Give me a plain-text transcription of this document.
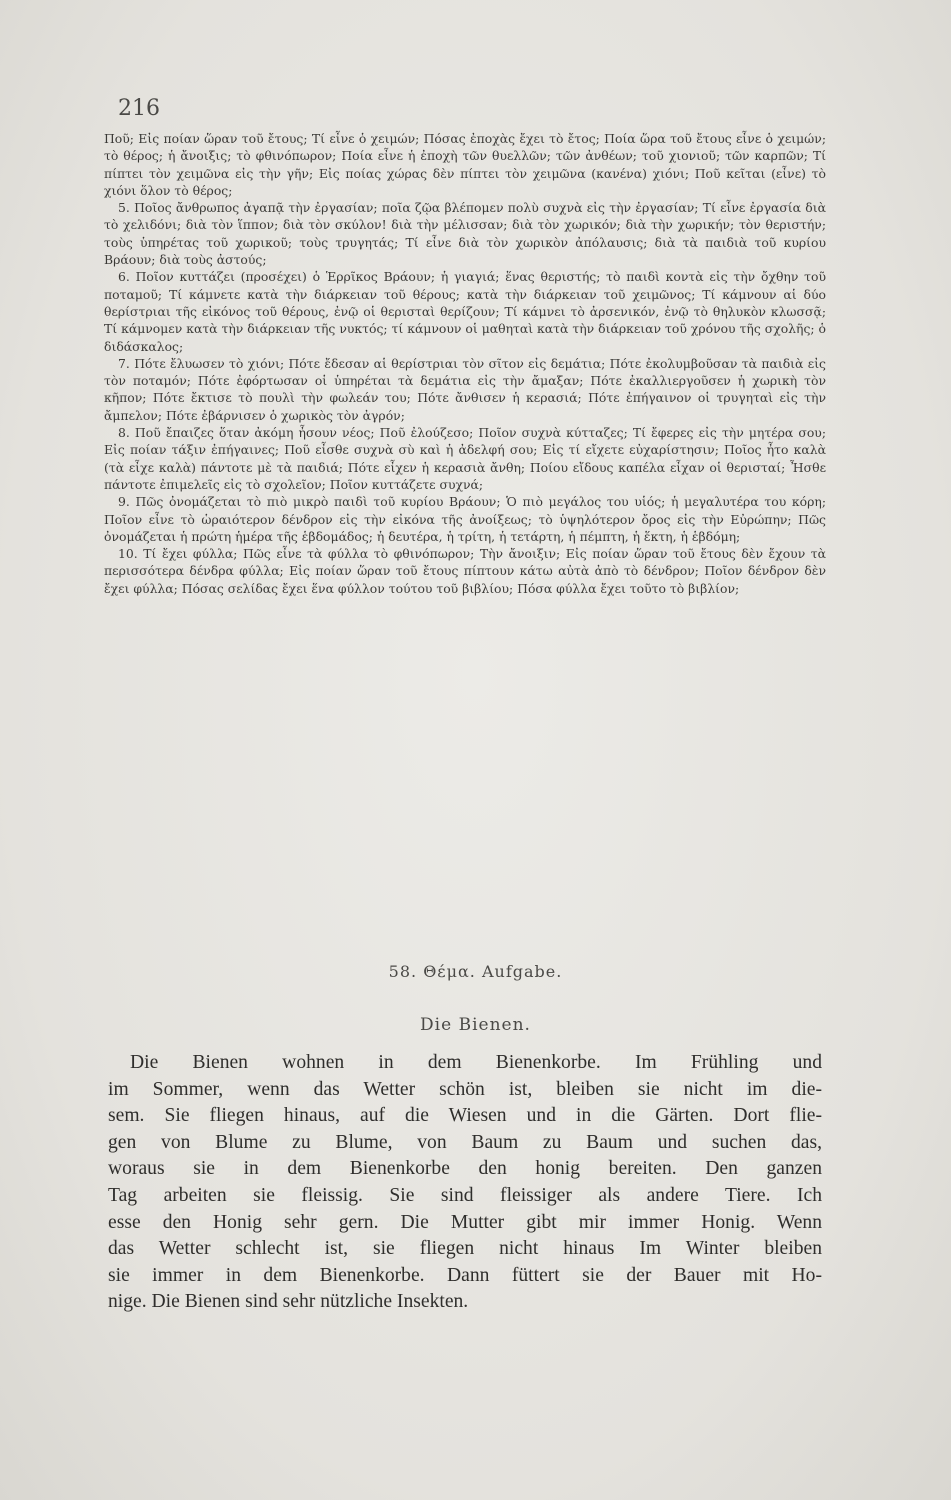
216

Ποῦ; Εἰς ποίαν ὥραν τοῦ ἔτους; Τί εἶνε ὁ χειμών; Πόσας ἐποχὰς ἔχει τὸ ἔτος; Ποία ὥρα τοῦ ἔτους εἶνε ὁ χειμών; τὸ θέρος; ἡ ἄνοιξις; τὸ φθινόπωρον; Ποία εἶνε ἡ ἐποχὴ τῶν θυελλῶν; τῶν ἀνθέων; τοῦ χιονιοῦ; τῶν καρπῶν; Τί πίπτει τὸν χειμῶνα εἰς τὴν γῆν; Εἰς ποίας χώρας δὲν πίπτει τὸν χειμῶνα (κανένα) χιόνι; Ποῦ κεῖται (εἶνε) τὸ χιόνι ὅλον τὸ θέρος;

5. Ποῖος ἄνθρωπος ἀγαπᾷ τὴν ἐργασίαν; ποῖα ζῷα βλέπομεν πολὺ συχνὰ εἰς τὴν ἐργασίαν; Τί εἶνε ἐργασία διὰ τὸ χελιδόνι; διὰ τὸν ἵππον; διὰ τὸν σκύλον! διὰ τὴν μέλισσαν; διὰ τὸν χωρικόν; διὰ τὴν χωρικήν; τὸν θεριστήν; τοὺς ὑπηρέτας τοῦ χωρικοῦ; τοὺς τρυγητάς; Τί εἶνε διὰ τὸν χωρικὸν ἀπόλαυσις; διὰ τὰ παιδιὰ τοῦ κυρίου Βράουν; διὰ τοὺς ἀστούς;

6. Ποῖον κυττάζει (προσέχει) ὁ Ἑρρῖκος Βράουν; ἡ γιαγιά; ἕνας θεριστής; τὸ παιδὶ κοντὰ εἰς τὴν ὄχθην τοῦ ποταμοῦ; Τί κάμνετε κατὰ τὴν διάρκειαν τοῦ θέρους; κατὰ τὴν διάρκειαν τοῦ χειμῶνος; Τί κάμνουν αἱ δύο θερίστριαι τῆς εἰκόνος τοῦ θέρους, ἐνῷ οἱ θερισταὶ θερίζουν; Τί κάμνει τὸ ἀρσενικόν, ἐνῷ τὸ θηλυκὸν κλωσσᾷ; Τί κάμνομεν κατὰ τὴν διάρκειαν τῆς νυκτός; τί κάμνουν οἱ μαθηταὶ κατὰ τὴν διάρκειαν τοῦ χρόνου τῆς σχολῆς; ὁ διδάσκαλος;

7. Πότε ἔλυωσεν τὸ χιόνι; Πότε ἔδεσαν αἱ θερίστριαι τὸν σῖτον εἰς δεμάτια; Πότε ἐκολυμβοῦσαν τὰ παιδιὰ εἰς τὸν ποταμόν; Πότε ἐφόρτωσαν οἱ ὑπηρέται τὰ δεμάτια εἰς τὴν ἄμαξαν; Πότε ἐκαλλιεργοῦσεν ἡ χωρικὴ τὸν κῆπον; Πότε ἔκτισε τὸ πουλὶ τὴν φωλεάν του; Πότε ἄνθισεν ἡ κερασιά; Πότε ἐπήγαινον οἱ τρυγηταὶ εἰς τὴν ἄμπελον; Πότε ἐβάρνισεν ὁ χωρικὸς τὸν ἀγρόν;

8. Ποῦ ἔπαιζες ὅταν ἀκόμη ἦσουν νέος; Ποῦ ἐλούζεσο; Ποῖον συχνὰ κύτταζες; Τί ἔφερες εἰς τὴν μητέρα σου; Εἰς ποίαν τάξιν ἐπήγαινες; Ποῦ εἶσθε συχνὰ σὺ καὶ ἡ ἀδελφή σου; Εἰς τί εἴχετε εὐχαρίστησιν; Ποῖος ἦτο καλὰ (τὰ εἶχε καλὰ) πάντοτε μὲ τὰ παιδιά; Πότε εἶχεν ἡ κερασιὰ ἄνθη; Ποίου εἴδους καπέλα εἶχαν οἱ θερισταί; Ἦσθε πάντοτε ἐπιμελεῖς εἰς τὸ σχολεῖον; Ποῖον κυττάζετε συχνά;

9. Πῶς ὀνομάζεται τὸ πιὸ μικρὸ παιδὶ τοῦ κυρίου Βράουν; Ὁ πιὸ μεγάλος του υἱός; ἡ μεγαλυτέρα του κόρη; Ποῖον εἶνε τὸ ὡραιότερον δένδρον εἰς τὴν εἰκόνα τῆς ἀνοίξεως; τὸ ὑψηλότερον ὄρος εἰς τὴν Εὐρώπην; Πῶς ὀνομάζεται ἡ πρώτη ἡμέρα τῆς ἑβδομάδος; ἡ δευτέρα, ἡ τρίτη, ἡ τετάρτη, ἡ πέμπτη, ἡ ἕκτη, ἡ ἑβδόμη;

10. Τί ἔχει φύλλα; Πῶς εἶνε τὰ φύλλα τὸ φθινόπωρον; Τὴν ἄνοιξιν; Εἰς ποίαν ὥραν τοῦ ἔτους δὲν ἔχουν τὰ περισσότερα δένδρα φύλλα; Εἰς ποίαν ὥραν τοῦ ἔτους πίπτουν κάτω αὐτὰ ἀπὸ τὸ δένδρον; Ποῖον δένδρον δὲν ἔχει φύλλα; Πόσας σελίδας ἔχει ἕνα φύλλον τούτου τοῦ βιβλίου; Πόσα φύλλα ἔχει τοῦτο τὸ βιβλίον;

58. Θέμα. Aufgabe.
Die Bienen.
Die Bienen wohnen in dem Bienenkorbe. Im Frühling und
im Sommer, wenn das Wetter schön ist, bleiben sie nicht im die-
sem. Sie fliegen hinaus, auf die Wiesen und in die Gärten. Dort flie-
gen von Blume zu Blume, von Baum zu Baum und suchen das,
woraus sie in dem Bienenkorbe den honig bereiten. Den ganzen
Tag arbeiten sie fleissig. Sie sind fleissiger als andere Tiere. Ich
esse den Honig sehr gern. Die Mutter gibt mir immer Honig. Wenn
das Wetter schlecht ist, sie fliegen nicht hinaus Im Winter bleiben
sie immer in dem Bienenkorbe. Dann füttert sie der Bauer mit Ho-
nige. Die Bienen sind sehr nützliche Insekten.
